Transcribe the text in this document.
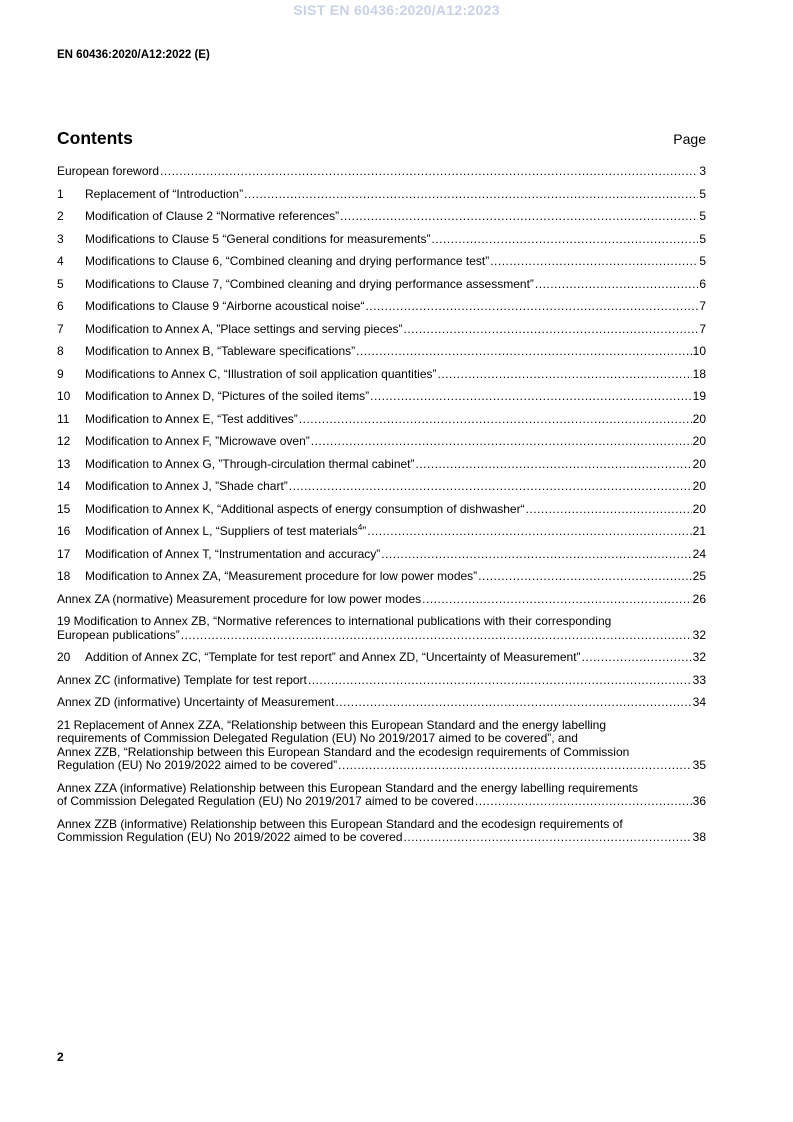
SIST EN 60436:2020/A12:2023
EN 60436:2020/A12:2022 (E)
Contents	Page
European foreword .....	3
1 Replacement of “Introduction” .....	5
2 Modification of Clause 2 “Normative references” .....	5
3 Modifications to Clause 5 “General conditions for measurements” .....	5
4 Modifications to Clause 6, “Combined cleaning and drying performance test” .....	5
5 Modifications to Clause 7, “Combined cleaning and drying performance assessment” .....	6
6 Modifications to Clause 9 “Airborne acoustical noise“ .....	7
7 Modification to Annex A, ”Place settings and serving pieces” .....	7
8 Modification to Annex B, “Tableware specifications” .....	10
9 Modifications to Annex C, “Illustration of soil application quantities” .....	18
10 Modification to Annex D, “Pictures of the soiled items” .....	19
11 Modification to Annex E, “Test additives” .....	20
12 Modification to Annex F, ”Microwave oven” .....	20
13 Modification to Annex G, ”Through-circulation thermal cabinet” .....	20
14 Modification to Annex J, ”Shade chart” .....	20
15 Modification to Annex K, “Additional aspects of energy consumption of dishwasher“ .....	20
16 Modification of Annex L, “Suppliers of test materials$^4$” .....	21
17 Modification of Annex T, “Instrumentation and accuracy” .....	24
18 Modification to Annex ZA, “Measurement procedure for low power modes” .....	25
Annex ZA (normative) Measurement procedure for low power modes .....	26
19 Modification to Annex ZB, “Normative references to international publications with their corresponding
European publications” .....	32
20 Addition of Annex ZC, “Template for test report” and Annex ZD, “Uncertainty of Measurement” .....	32
Annex ZC (informative) Template for test report .....	33
Annex ZD (informative) Uncertainty of Measurement .....	34
21 Replacement of Annex ZZA, “Relationship between this European Standard and the energy labelling
requirements of Commission Delegated Regulation (EU) No 2019/2017 aimed to be covered”, and
Annex ZZB, “Relationship between this European Standard and the ecodesign requirements of Commission
Regulation (EU) No 2019/2022 aimed to be covered” .....	35
Annex ZZA (informative) Relationship between this European Standard and the energy labelling requirements
of Commission Delegated Regulation (EU) No 2019/2017 aimed to be covered .....	36
Annex ZZB (informative) Relationship between this European Standard and the ecodesign requirements of
Commission Regulation (EU) No 2019/2022 aimed to be covered .....	38
2
